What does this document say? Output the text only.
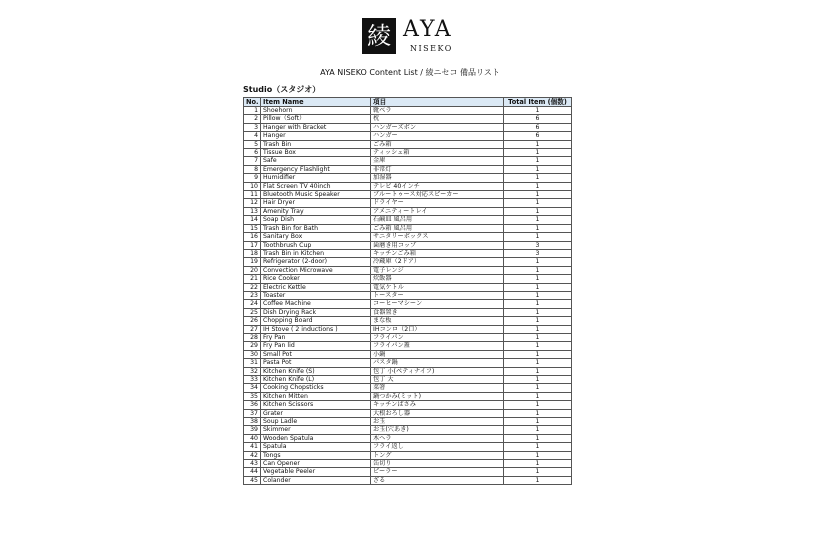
綾 AYA
NISEKO
AYA NISEKO Content List / 綾ニセコ 備品リスト
Studio（スタジオ）
No.	Item Name	項目	Total Item (個数)
1	Shoehorn	靴ベラ	1
2	Pillow（Soft）	枕	6
3	Hanger with Bracket	ハンガーズボン	6
4	Hanger	ハンガー	6
5	Trash Bin	ごみ箱	1
6	Tissue Box	ティッシュ箱	1
7	Safe	金庫	1
8	Emergency Flashlight	非常灯	1
9	Humidifier	加湿器	1
10	Flat Screen TV 40inch	テレビ 40インチ	1
11	Bluetooth Music Speaker	ブルートゥース対応スピーカー	1
12	Hair Dryer	ドライヤー	1
13	Amenity Tray	アメニティートレイ	1
14	Soap Dish	石鹸皿 風呂用	1
15	Trash Bin for Bath	ごみ箱 風呂用	1
16	Sanitary Box	サニタリーボックス	1
17	Toothbrush Cup	歯磨き用コップ	3
18	Trash Bin in Kitchen	キッチンごみ箱	3
19	Refrigerator (2-door)	冷蔵庫（2ドア）	1
20	Convection Microwave	電子レンジ	1
21	Rice Cooker	炊飯器	1
22	Electric Kettle	電気ケトル	1
23	Toaster	トースター	1
24	Coffee Machine	コーヒーマシーン	1
25	Dish Drying Rack	食器置き	1
26	Chopping Board	まな板	1
27	IH Stove ( 2 inductions )	IHコンロ（2口）	1
28	Fry Pan	フライパン	1
29	Fry Pan lid	フライパン蓋	1
30	Small Pot	小鍋	1
31	Pasta Pot	パスタ鍋	1
32	Kitchen Knife (S)	包丁 小(ペティナイフ)	1
33	Kitchen Knife (L)	包丁 大	1
34	Cooking Chopsticks	菜箸	1
35	Kitchen Mitten	鍋つかみ(ミット)	1
36	Kitchen Scissors	キッチンばさみ	1
37	Grater	大根おろし器	1
38	Soup Ladle	お玉	1
39	Skimmer	お玉(穴あき)	1
40	Wooden Spatula	木ヘラ	1
41	Spatula	フライ返し	1
42	Tongs	トング	1
43	Can Opener	缶切り	1
44	Vegetable Peeler	ピーラー	1
45	Colander	ざる	1
